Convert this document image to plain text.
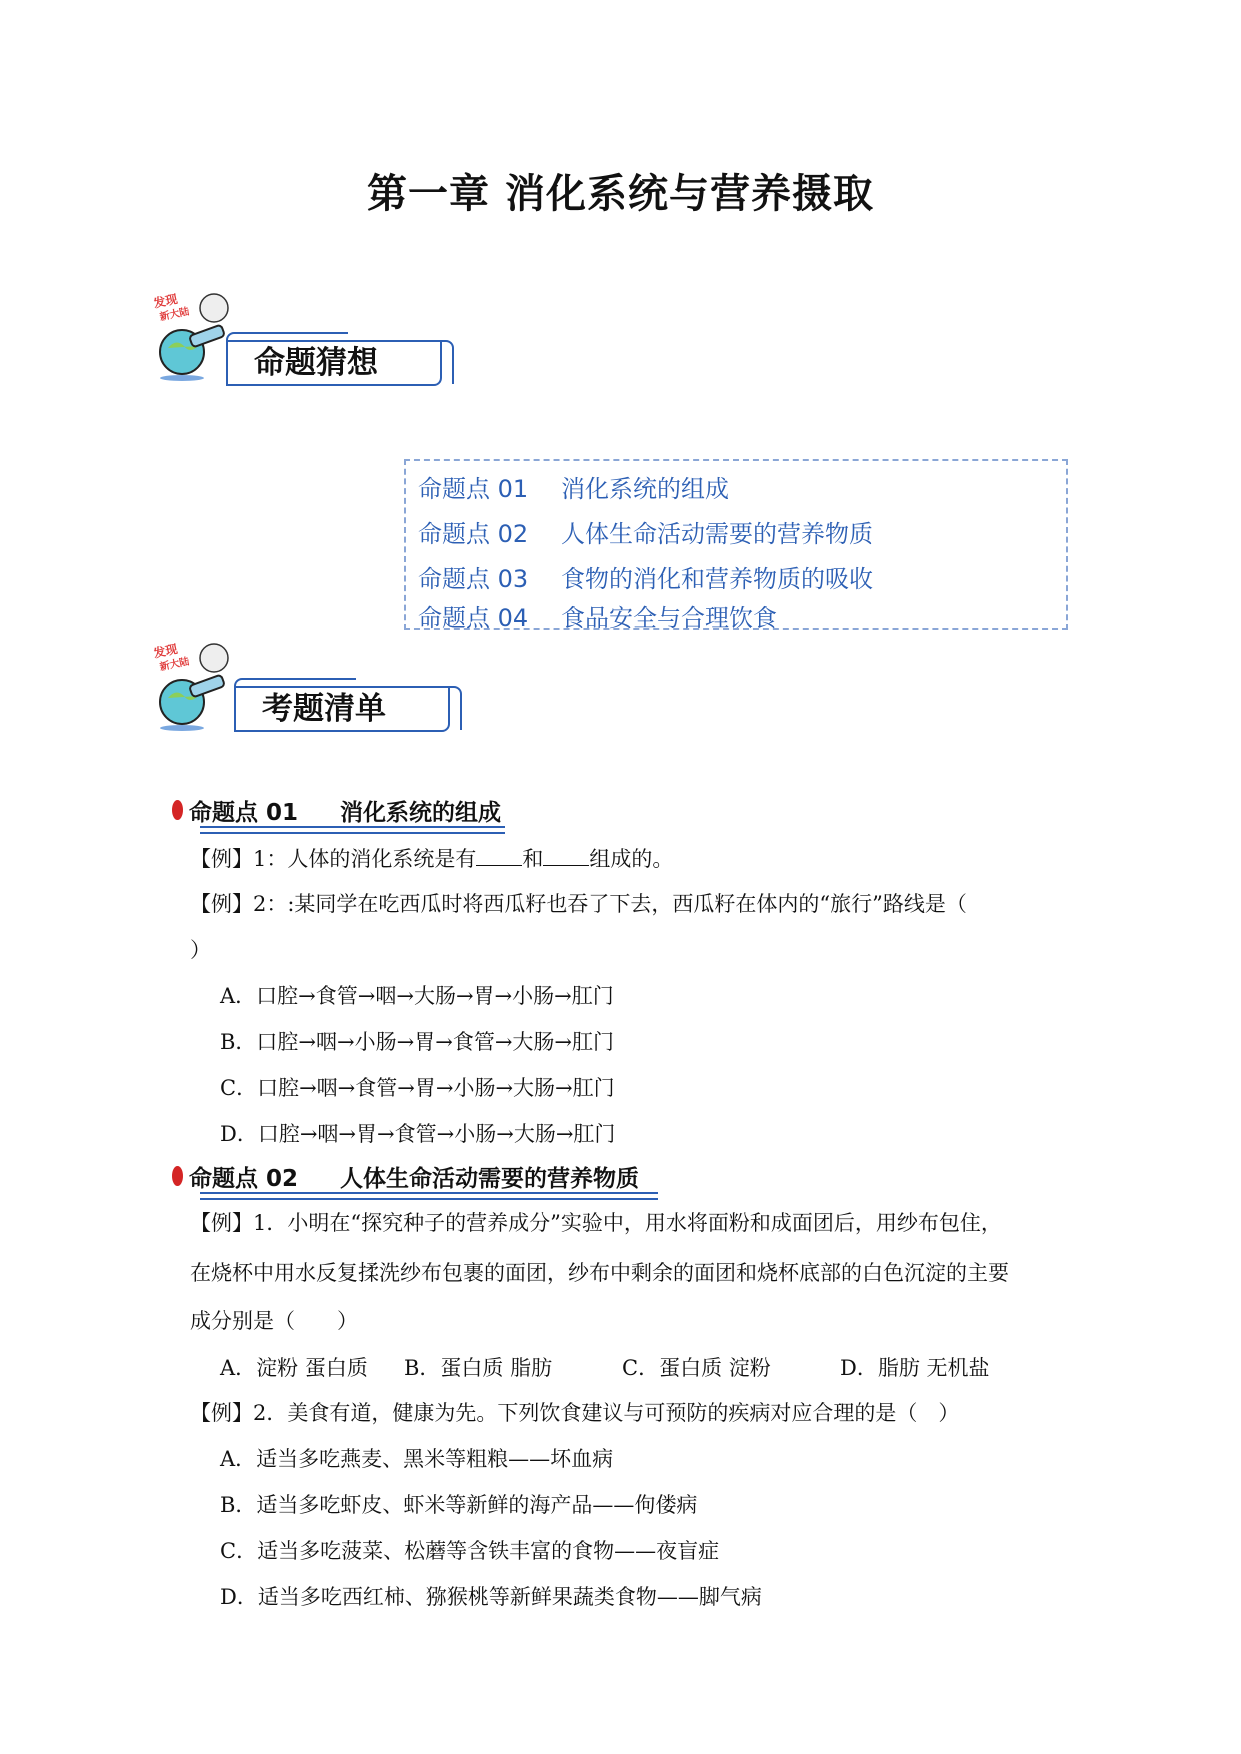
第一章 消化系统与营养摄取
发现
新大陆
命题猜想
命题点 01	消化系统的组成
命题点 02	人体生命活动需要的营养物质
命题点 03	食物的消化和营养物质的吸收
命题点 04	食品安全与合理饮食
发现
新大陆
考题清单
命题点 01 消化系统的组成
【例】1：人体的消化系统是有 和 组成的。
【例】2：:某同学在吃西瓜时将西瓜籽也吞了下去，西瓜籽在体内的“旅行”路线是（
）
A．口腔→食管→咽→大肠→胃→小肠→肛门
B．口腔→咽→小肠→胃→食管→大肠→肛门
C．口腔→咽→食管→胃→小肠→大肠→肛门
D．口腔→咽→胃→食管→小肠→大肠→肛门
命题点 02 人体生命活动需要的营养物质
【例】1．小明在“探究种子的营养成分”实验中，用水将面粉和成面团后，用纱布包住，
在烧杯中用水反复揉洗纱布包裹的面团，纱布中剩余的面团和烧杯底部的白色沉淀的主要
成分别是（　　）
A．淀粉 蛋白质 B．蛋白质 脂肪	C．蛋白质 淀粉	D．脂肪 无机盐
【例】2．美食有道，健康为先。下列饮食建议与可预防的疾病对应合理的是（　）
A．适当多吃燕麦、黑米等粗粮——坏血病
B．适当多吃虾皮、虾米等新鲜的海产品——佝偻病
C．适当多吃菠菜、松蘑等含铁丰富的食物——夜盲症
D．适当多吃西红柿、猕猴桃等新鲜果蔬类食物——脚气病
